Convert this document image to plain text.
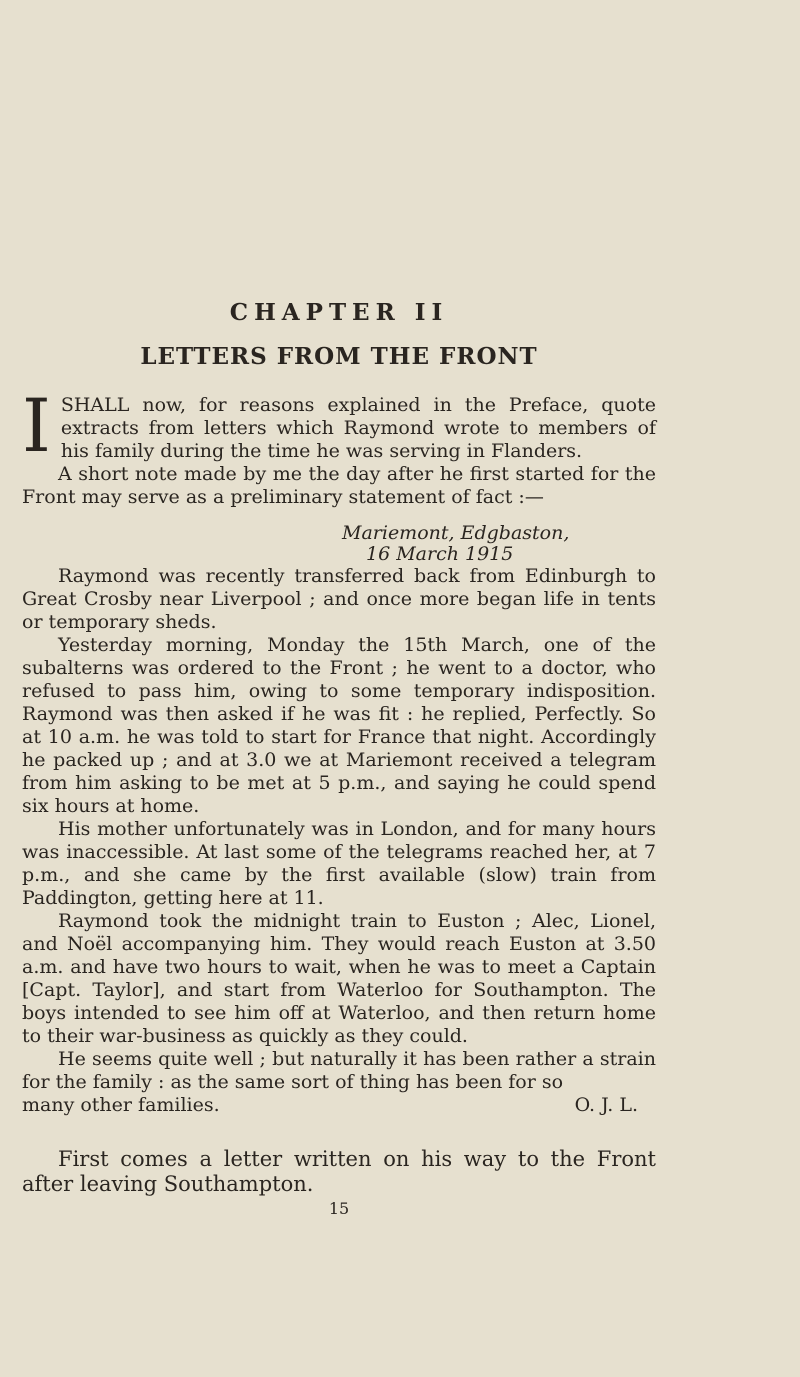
CHAPTER II
LETTERS FROM THE FRONT

I SHALL now, for reasons explained in the Preface, quote extracts from letters which Raymond wrote to members of his family during the time he was serving in Flanders.

A short note made by me the day after he first started for the Front may serve as a preliminary statement of fact :—

Mariemont, Edgbaston,
16 March 1915

Raymond was recently transferred back from Edinburgh to Great Crosby near Liverpool ; and once more began life in tents or temporary sheds.

Yesterday morning, Monday the 15th March, one of the subalterns was ordered to the Front ; he went to a doctor, who refused to pass him, owing to some temporary indisposition. Raymond was then asked if he was fit : he replied, Perfectly. So at 10 a.m. he was told to start for France that night. Accordingly he packed up ; and at 3.0 we at Mariemont received a telegram from him asking to be met at 5 p.m., and saying he could spend six hours at home.

His mother unfortunately was in London, and for many hours was inaccessible. At last some of the telegrams reached her, at 7 p.m., and she came by the first available (slow) train from Paddington, getting here at 11.

Raymond took the midnight train to Euston ; Alec, Lionel, and Noël accompanying him. They would reach Euston at 3.50 a.m. and have two hours to wait, when he was to meet a Captain [Capt. Taylor], and start from Waterloo for Southampton. The boys intended to see him off at Waterloo, and then return home to their war-business as quickly as they could.

He seems quite well ; but naturally it has been rather a strain for the family : as the same sort of thing has been for so

many other families.	O. J. L.

First comes a letter written on his way to the Front after leaving Southampton.

15
